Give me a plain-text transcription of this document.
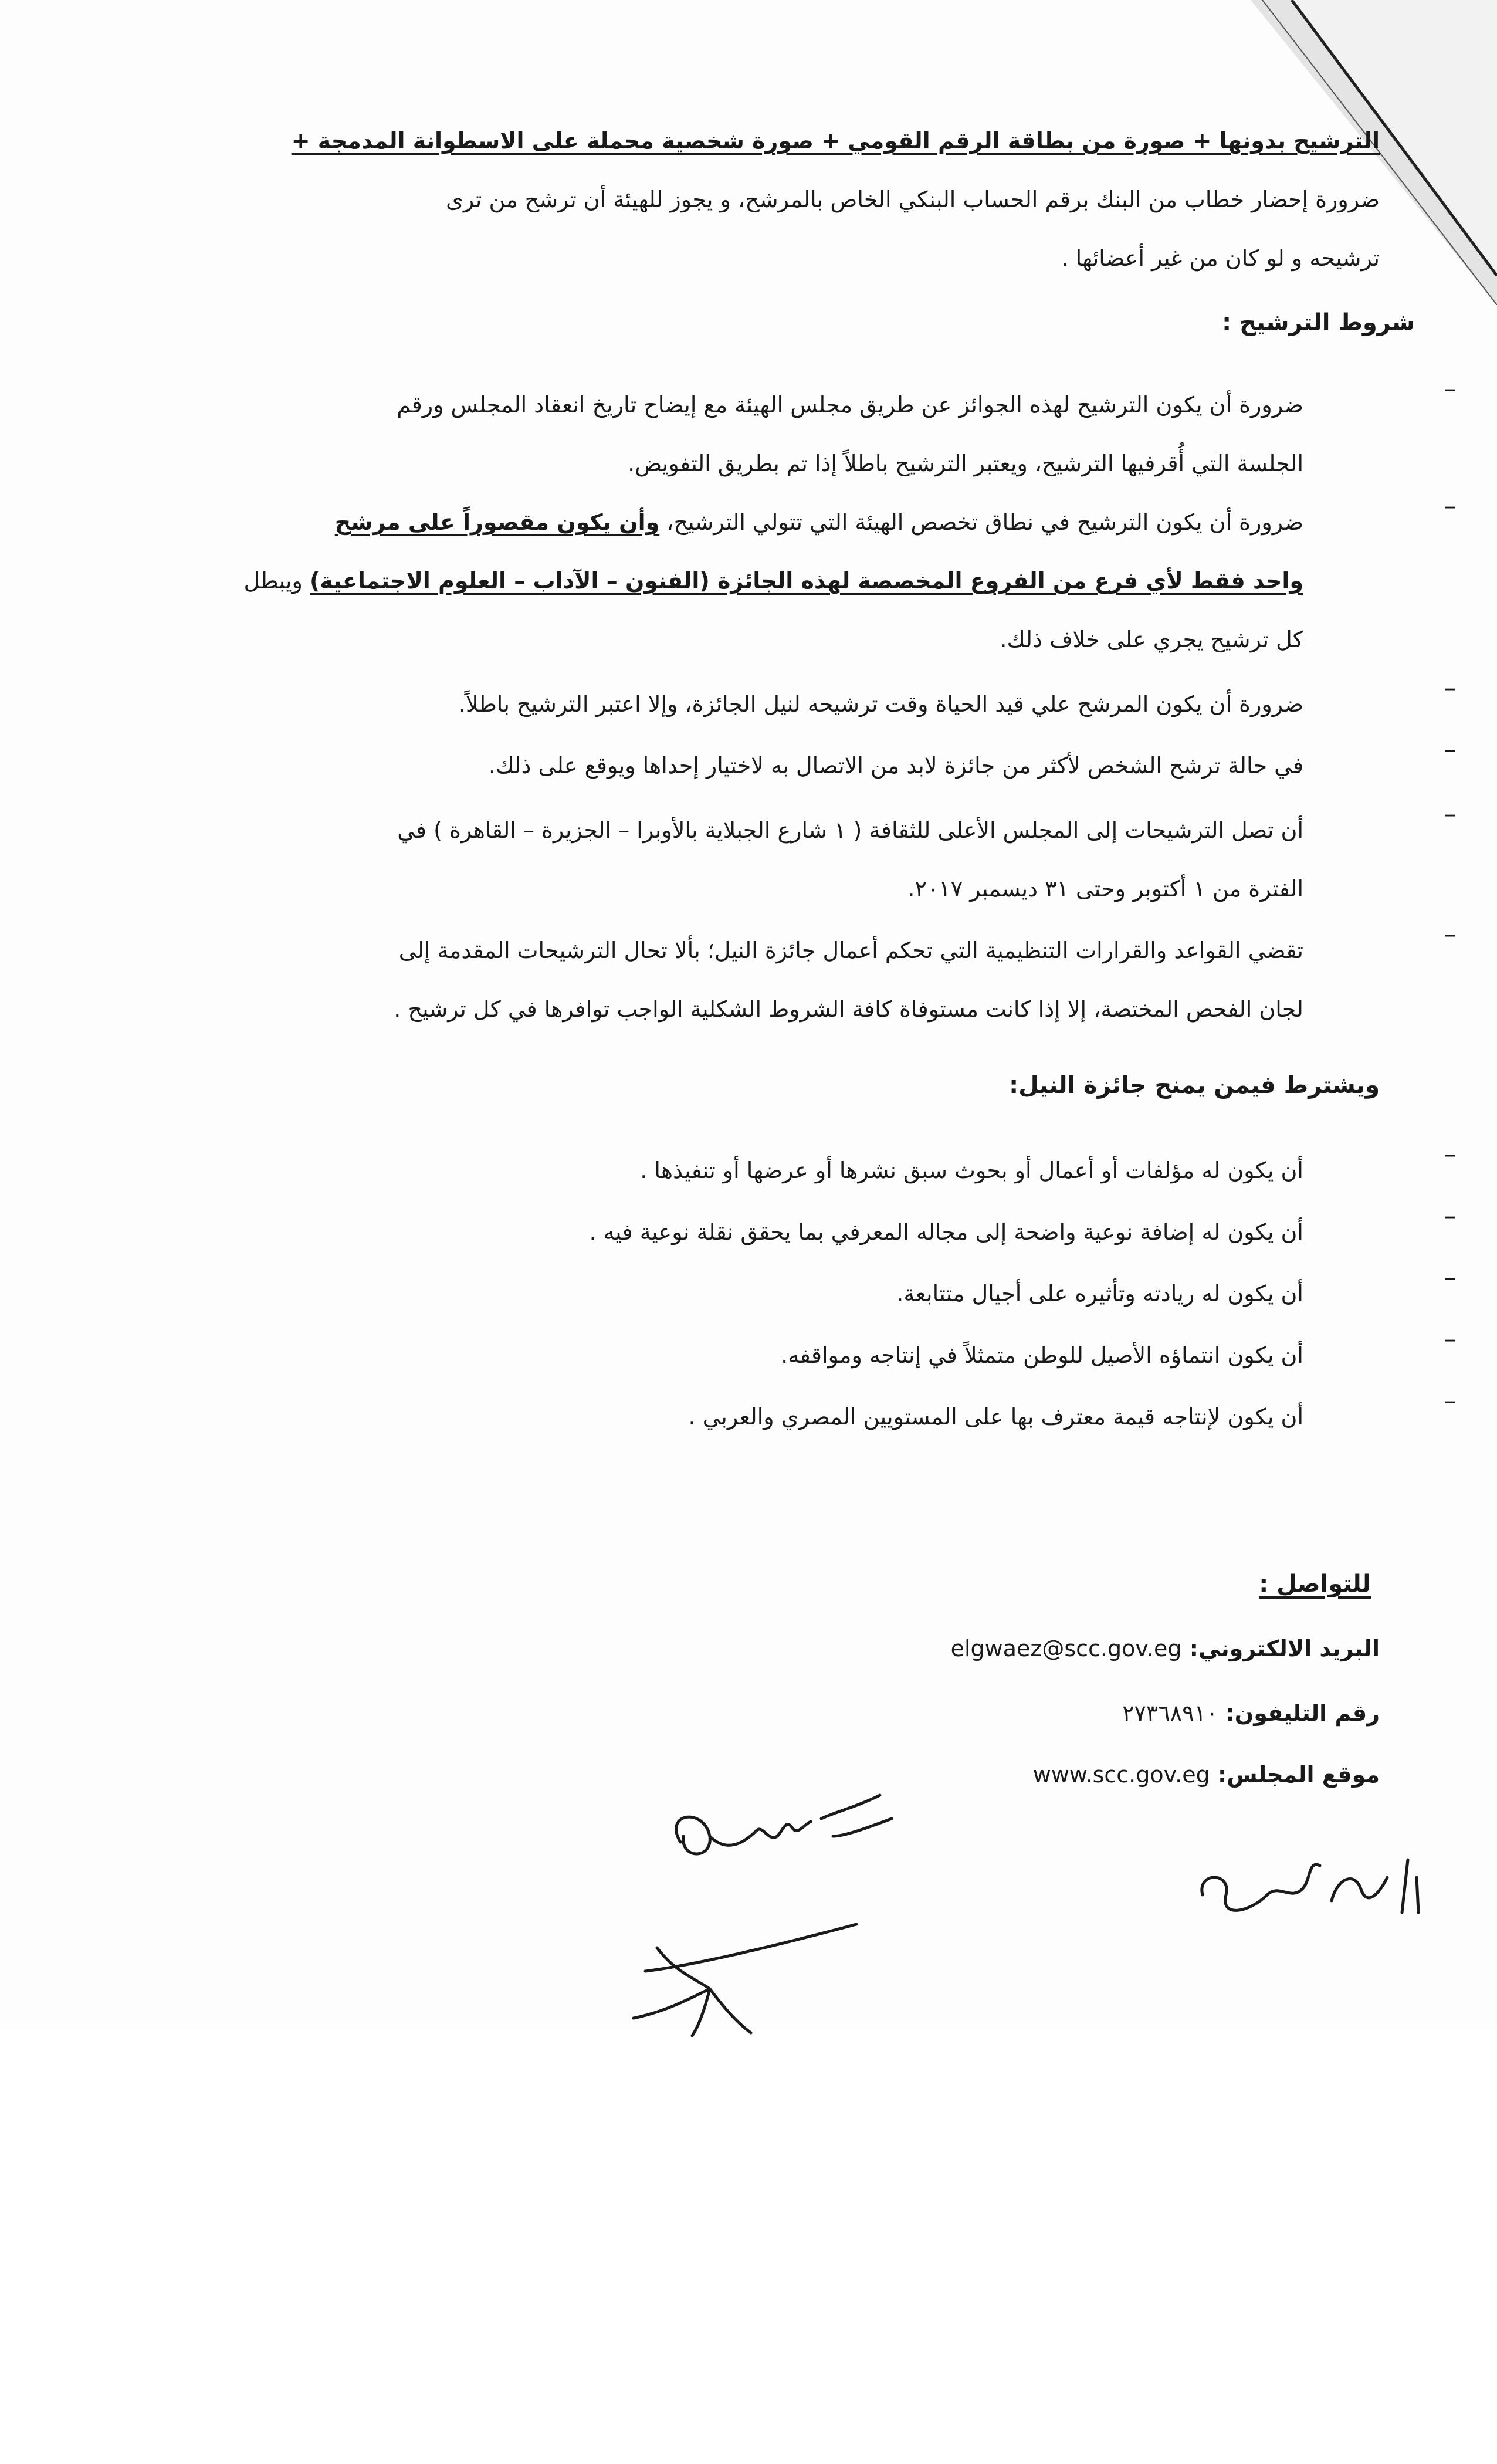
الترشيح بدونها + صورة من بطاقة الرقم القومي + صورة شخصية محملة على الاسطوانة المدمجة +
ضرورة إحضار خطاب من البنك برقم الحساب البنكي الخاص بالمرشح، و يجوز للهيئة أن ترشح من ترى
ترشيحه و لو كان من غير أعضائها .
شروط الترشيح :
–
ضرورة أن يكون الترشيح لهذه الجوائز عن طريق مجلس الهيئة مع إيضاح تاريخ انعقاد المجلس ورقم
الجلسة التي أُقرفيها الترشيح، ويعتبر الترشيح باطلاً إذا تم بطريق التفويض.
–
ضرورة أن يكون الترشيح في نطاق تخصص الهيئة التي تتولي الترشيح، وأن يكون مقصوراً على مرشح
واحد فقط لأي فرع من الفروع المخصصة لهذه الجائزة (الفنون – الآداب – العلوم الاجتماعية) ويبطل
كل ترشيح يجري على خلاف ذلك.
–
ضرورة أن يكون المرشح علي قيد الحياة وقت ترشيحه لنيل الجائزة، وإلا اعتبر الترشيح باطلاً.
–
في حالة ترشح الشخص لأكثر من جائزة لابد من الاتصال به لاختيار إحداها ويوقع على ذلك.
–
أن تصل الترشيحات إلى المجلس الأعلى للثقافة ( ١ شارع الجبلاية بالأوبرا – الجزيرة – القاهرة ) في
الفترة من ١ أكتوبر وحتى ٣١ ديسمبر ٢٠١٧.
–
تقضي القواعد والقرارات التنظيمية التي تحكم أعمال جائزة النيل؛ بألا تحال الترشيحات المقدمة إلى
لجان الفحص المختصة، إلا إذا كانت مستوفاة كافة الشروط الشكلية الواجب توافرها في كل ترشيح .
ويشترط فيمن يمنح جائزة النيل:
–
أن يكون له مؤلفات أو أعمال أو بحوث سبق نشرها أو عرضها أو تنفيذها .
–
أن يكون له إضافة نوعية واضحة إلى مجاله المعرفي بما يحقق نقلة نوعية فيه .
–
أن يكون له ريادته وتأثيره على أجيال متتابعة.
–
أن يكون انتماؤه الأصيل للوطن متمثلاً في إنتاجه ومواقفه.
–
أن يكون لإنتاجه قيمة معترف بها على المستويين المصري والعربي .
للتواصل :
البريد الالكتروني: elgwaez@scc.gov.eg
رقم التليفون: ٢٧٣٦٨٩١٠
موقع المجلس: www.scc.gov.eg
